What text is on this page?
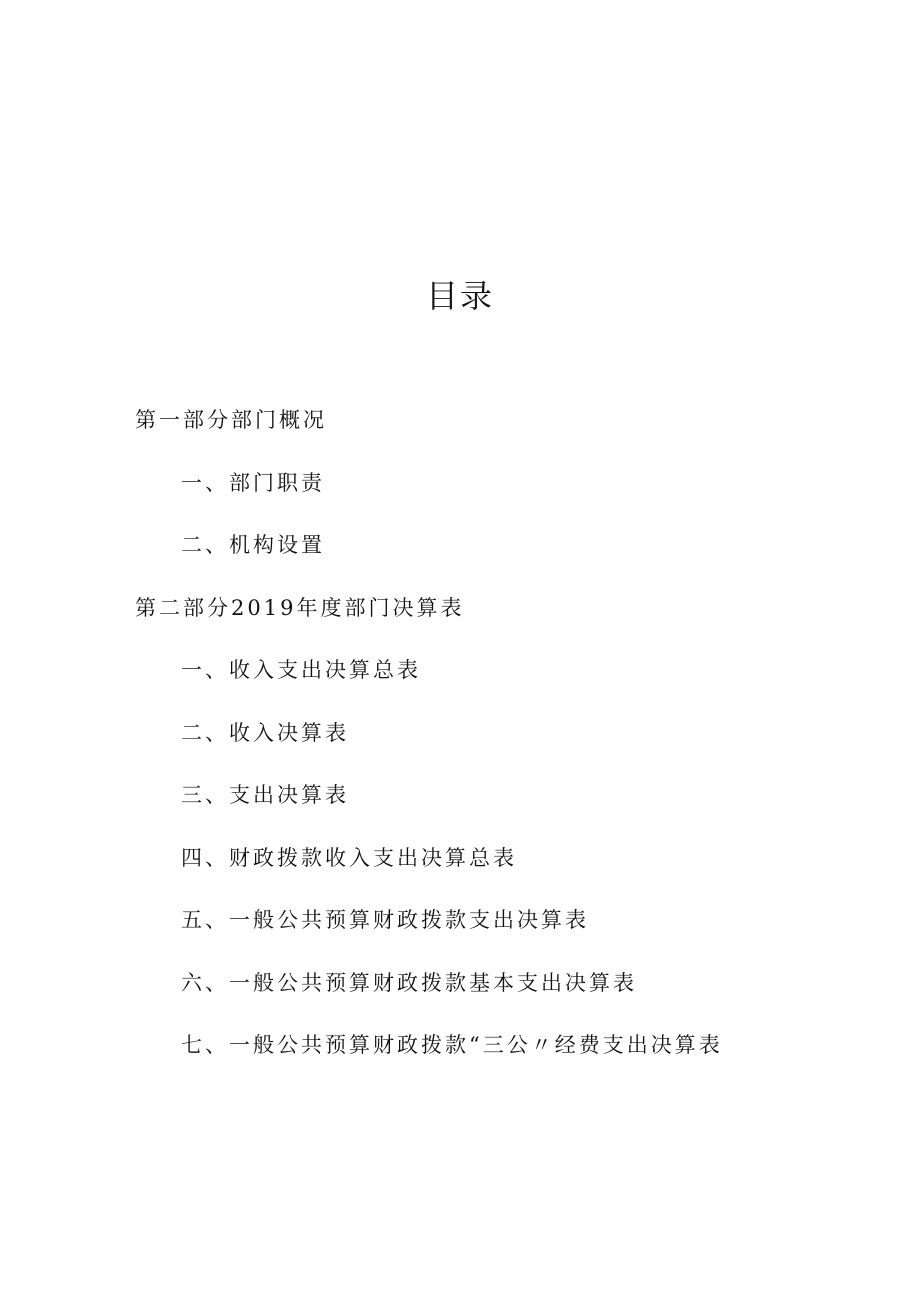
目录
第一部分部门概况
一、部门职责
二、机构设置
第二部分2019年度部门决算表
一、收入支出决算总表
二、收入决算表
三、支出决算表
四、财政拨款收入支出决算总表
五、一般公共预算财政拨款支出决算表
六、一般公共预算财政拨款基本支出决算表
七、一般公共预算财政拨款“三公〃经费支出决算表
